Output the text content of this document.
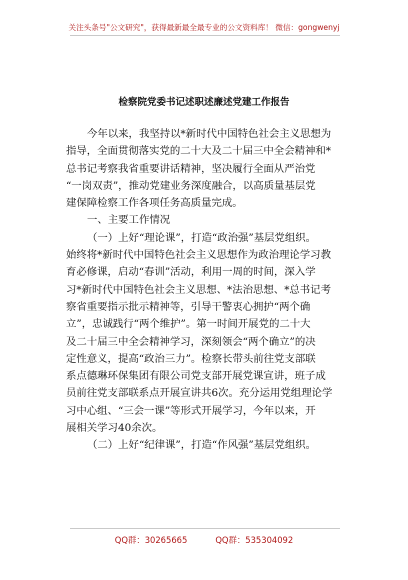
关注头条号"公文研究"，获得最新最全最专业的公文资料库！ 微信：gongwenyj
检察院党委书记述职述廉述党建工作报告
今年以来，我坚持以*新时代中国特色社会主义思想为
指导，全面贯彻落实党的二十大及二十届三中全会精神和*
总书记考察我省重要讲话精神，坚决履行全面从严治党
“一岗双责”，推动党建业务深度融合，以高质量基层党
建保障检察工作各项任务高质量完成。
一、主要工作情况
（一）上好“理论课”，打造“政治强”基层党组织。
始终将*新时代中国特色社会主义思想作为政治理论学习教
育必修课，启动“春训”活动，利用一周的时间，深入学
习*新时代中国特色社会主义思想、*法治思想、*总书记考
察省重要指示批示精神等，引导干警衷心拥护“两个确
立”，忠诚践行“两个维护”。第一时间开展党的二十大
及二十届三中全会精神学习，深刻领会“两个确立”的决
定性意义，提高“政治三力”。检察长带头前往党支部联
系点德琳环保集团有限公司党支部开展党课宣讲，班子成
员前往党支部联系点开展宣讲共6次。充分运用党组理论学
习中心组、“三会一课”等形式开展学习，今年以来，开
展相关学习40余次。
（二）上好“纪律课”，打造“作风强”基层党组织。
QQ群：30265665	QQ群：535304092
